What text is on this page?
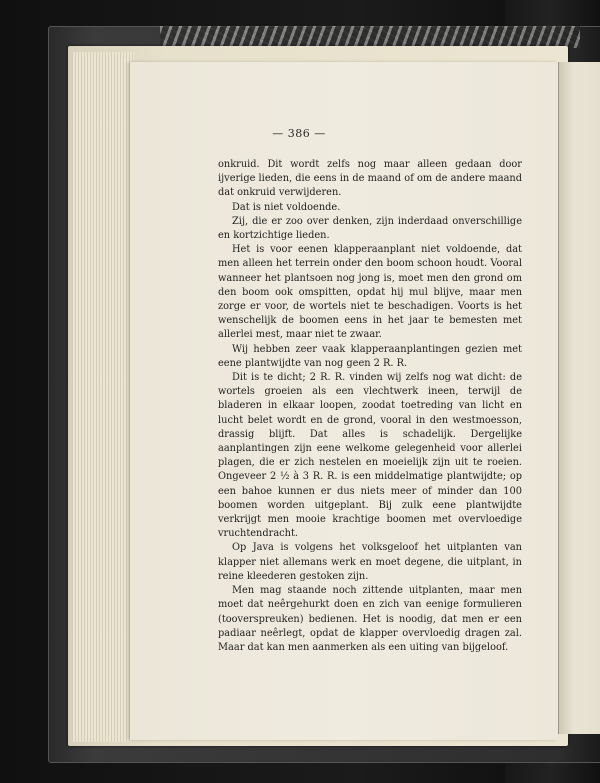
— 386 —

onkruid. Dit wordt zelfs nog maar alleen gedaan door ijverige lieden, die eens in de maand of om de andere maand dat onkruid verwijderen.

Dat is niet voldoende.

Zij, die er zoo over denken, zijn inderdaad onverschillige en kortzichtige lieden.

Het is voor eenen klapperaanplant niet voldoende, dat men alleen het terrein onder den boom schoon houdt. Vooral wanneer het plantsoen nog jong is, moet men den grond om den boom ook omspitten, opdat hij mul blijve, maar men zorge er voor, de wortels niet te beschadigen. Voorts is het wenschelijk de boomen eens in het jaar te bemesten met allerlei mest, maar niet te zwaar.

Wij hebben zeer vaak klapperaanplantingen gezien met eene plantwijdte van nog geen 2 R. R.

Dit is te dicht; 2 R. R. vinden wij zelfs nog wat dicht: de wortels groeien als een vlechtwerk ineen, terwijl de bladeren in elkaar loopen, zoodat toetreding van licht en lucht belet wordt en de grond, vooral in den westmoesson, drassig blijft. Dat alles is schadelijk. Dergelijke aanplantingen zijn eene welkome gelegenheid voor allerlei plagen, die er zich nestelen en moeielijk zijn uit te roeien. Ongeveer 2 ½ à 3 R. R. is een middelmatige plantwijdte; op een bahoe kunnen er dus niets meer of minder dan 100 boomen worden uitgeplant. Bij zulk eene plantwijdte verkrijgt men mooie krachtige boomen met overvloedige vruchtendracht.

Op Java is volgens het volksgeloof het uitplanten van klapper niet allemans werk en moet degene, die uitplant, in reine kleederen gestoken zijn.

Men mag staande noch zittende uitplanten, maar men moet dat neêrgehurkt doen en zich van eenige formulieren (tooverspreuken) bedienen. Het is noodig, dat men er een padiaar neêrlegt, opdat de klapper overvloedig dragen zal. Maar dat kan men aanmerken als een uiting van bijgeloof.
